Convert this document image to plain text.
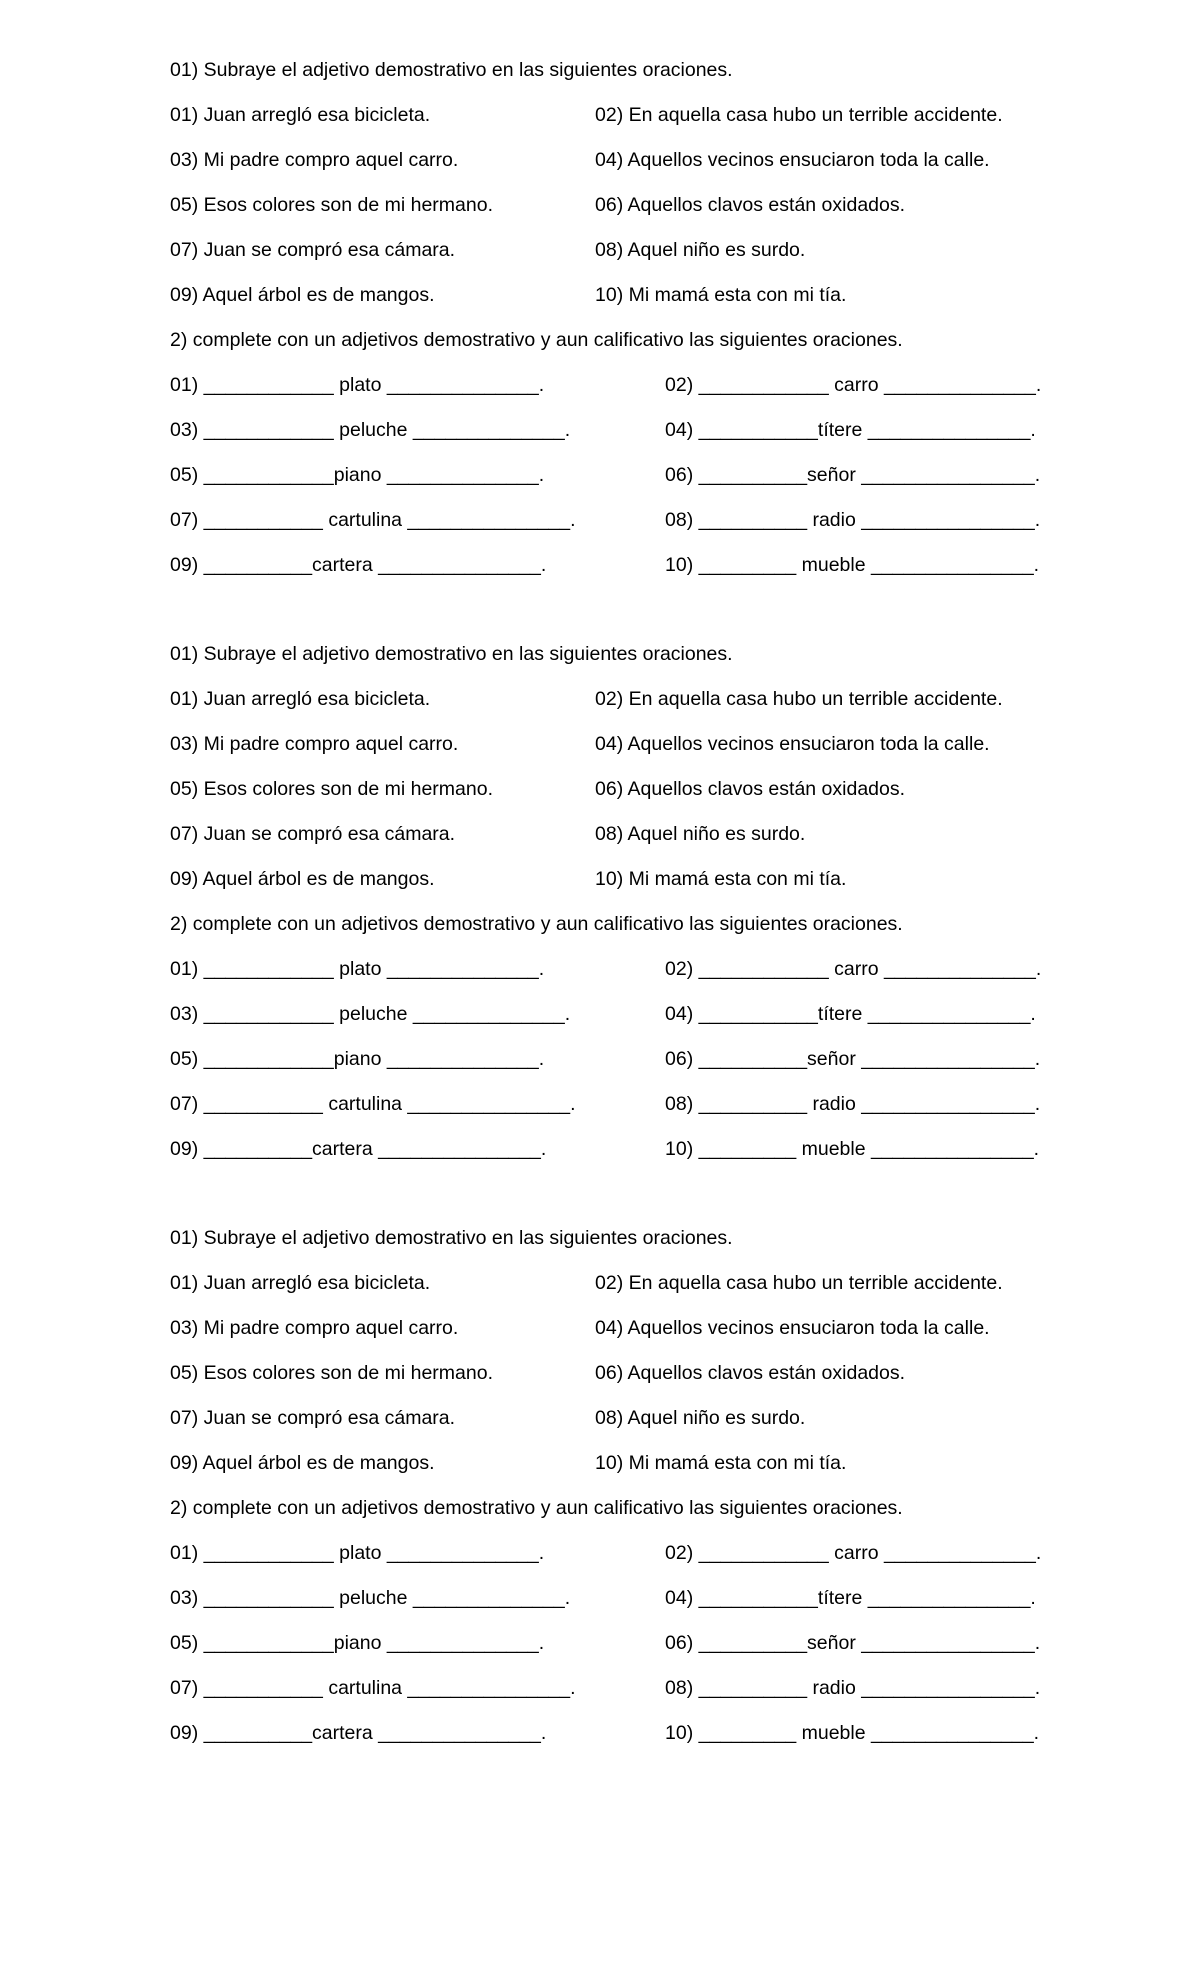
01) Subraye el adjetivo demostrativo en las siguientes oraciones.
01) Juan arregló esa bicicleta.	02) En aquella casa hubo un terrible accidente.
03) Mi padre compro aquel carro.	04) Aquellos vecinos ensuciaron toda la calle.
05) Esos colores son de mi hermano.	06) Aquellos clavos están oxidados.
07) Juan se compró esa cámara.	08) Aquel niño es surdo.
09) Aquel árbol es de mangos.	10) Mi mamá esta con mi tía.
2) complete con un adjetivos demostrativo y aun calificativo las siguientes oraciones.
01) ____________ plato ______________.	02) ____________ carro ______________.
03) ____________ peluche ______________.	04) ___________títere _______________.
05) ____________piano ______________.	06) __________señor ________________.
07) ___________ cartulina _______________.	08) __________ radio ________________.
09) __________cartera _______________.	10) _________ mueble _______________.
01) Subraye el adjetivo demostrativo en las siguientes oraciones.
01) Juan arregló esa bicicleta.	02) En aquella casa hubo un terrible accidente.
03) Mi padre compro aquel carro.	04) Aquellos vecinos ensuciaron toda la calle.
05) Esos colores son de mi hermano.	06) Aquellos clavos están oxidados.
07) Juan se compró esa cámara.	08) Aquel niño es surdo.
09) Aquel árbol es de mangos.	10) Mi mamá esta con mi tía.
2) complete con un adjetivos demostrativo y aun calificativo las siguientes oraciones.
01) ____________ plato ______________.	02) ____________ carro ______________.
03) ____________ peluche ______________.	04) ___________títere _______________.
05) ____________piano ______________.	06) __________señor ________________.
07) ___________ cartulina _______________.	08) __________ radio ________________.
09) __________cartera _______________.	10) _________ mueble _______________.
01) Subraye el adjetivo demostrativo en las siguientes oraciones.
01) Juan arregló esa bicicleta.	02) En aquella casa hubo un terrible accidente.
03) Mi padre compro aquel carro.	04) Aquellos vecinos ensuciaron toda la calle.
05) Esos colores son de mi hermano.	06) Aquellos clavos están oxidados.
07) Juan se compró esa cámara.	08) Aquel niño es surdo.
09) Aquel árbol es de mangos.	10) Mi mamá esta con mi tía.
2) complete con un adjetivos demostrativo y aun calificativo las siguientes oraciones.
01) ____________ plato ______________.	02) ____________ carro ______________.
03) ____________ peluche ______________.	04) ___________títere _______________.
05) ____________piano ______________.	06) __________señor ________________.
07) ___________ cartulina _______________.	08) __________ radio ________________.
09) __________cartera _______________.	10) _________ mueble _______________.
